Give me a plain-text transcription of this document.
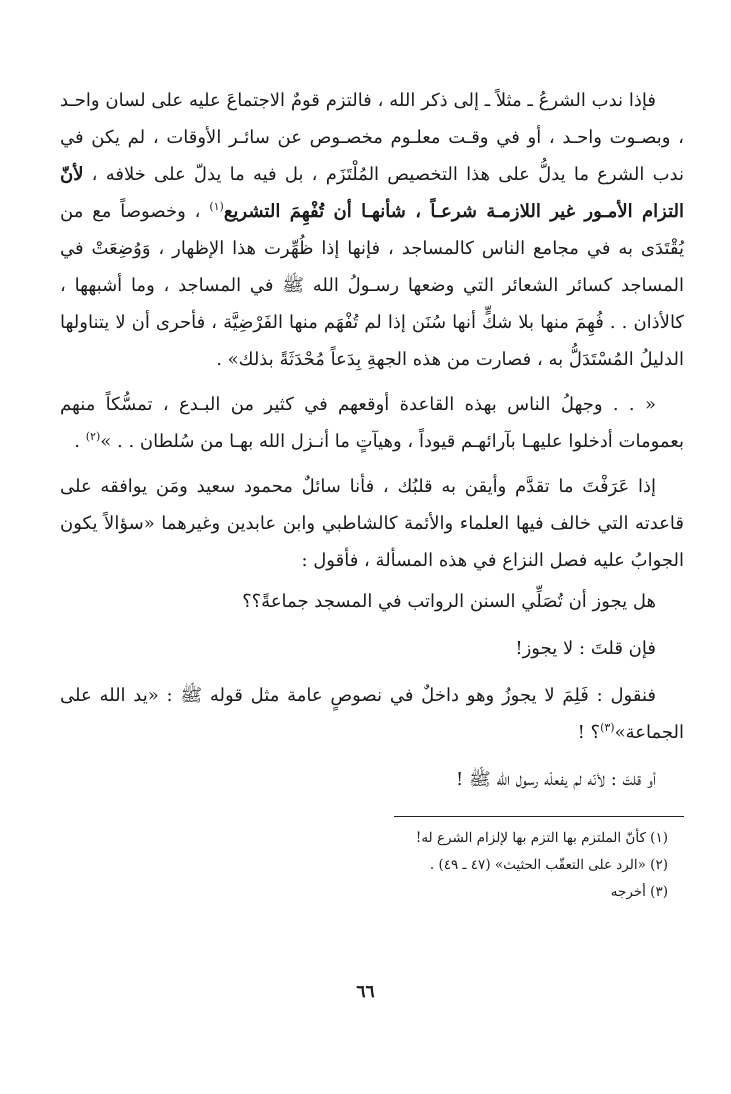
فإذا ندب الشرعُ ـ مثلاً ـ إلى ذكر الله ، فالتزم قومٌ الاجتماعَ عليه على لسان واحـد ، وبصـوت واحـد ، أو في وقـت معلـوم مخصـوص عن سائـر الأوقات ، لم يكن في ندب الشرع ما يدلُّ على هذا التخصيص المُلْتَزَم ، بل فيه ما يدلّ على خلافه ، لأنّ التزام الأمـور غير اللازمـة شرعـاً ، شأنهـا أن تُفْهِمَ التشريع$^{(١)}$ ، وخصوصاً مع من يُقْتَدَى به في مجامع الناس كالمساجد ، فإنها إذا ظُهِّرت هذا الإظهار ، وَوُضِعَتْ في المساجد كسائر الشعائر التي وضعها رسـولُ الله ﷺ في المساجد ، وما أشبهها ، كالأذان . . فُهِمَ منها بلا شكٍّ أنها سُنَن إذا لم تُفْهَم منها الفَرْضِيَّة ، فأحرى أن لا يتناولها الدليلُ المُسْتَدَلُّ به ، فصارت من هذه الجهةِ بِدَعاً مُحْدَثَةً بذلك» .

« . . وجهلُ الناس بهذه القاعدة أوقعهم في كثير من البـدع ، تمسُّكاً منهم بعمومات أدخلوا عليهـا بآرائهـم قيوداً ، وهيآتٍ ما أنـزل الله بهـا من سُلطان . . »$^{(٢)}$ .

إذا عَرَفْتَ ما تقدَّم وأيقن به قلبُك ، فأنا سائلٌ محمود سعيد ومَن يوافقه على قاعدته التي خالف فيها العلماء والأئمة كالشاطبي وابن عابدين وغيرهما «سؤالاً يكون الجوابُ عليه فصل النزاع في هذه المسألة ، فأقول :

هل يجوز أن تُصَلِّي السنن الرواتب في المسجد جماعةً؟؟

فإن قلتَ : لا يجوز!

فنقول : فَلِمَ لا يجوزُ وهو داخلٌ في نصوصٍ عامة مثل قوله ﷺ : «يد الله على الجماعة»$^{(٣)}$؟ !

أو قلتَ : لأنّه لم يفعلْه رسول الله ﷺ !

(١) كأنّ الملتزم بها التزم بها لإلزام الشرع له!

(٢) «الرد على التعقّب الحثيث» (٤٧ ـ ٤٩) .

(٣) أخرجه

٦٦
